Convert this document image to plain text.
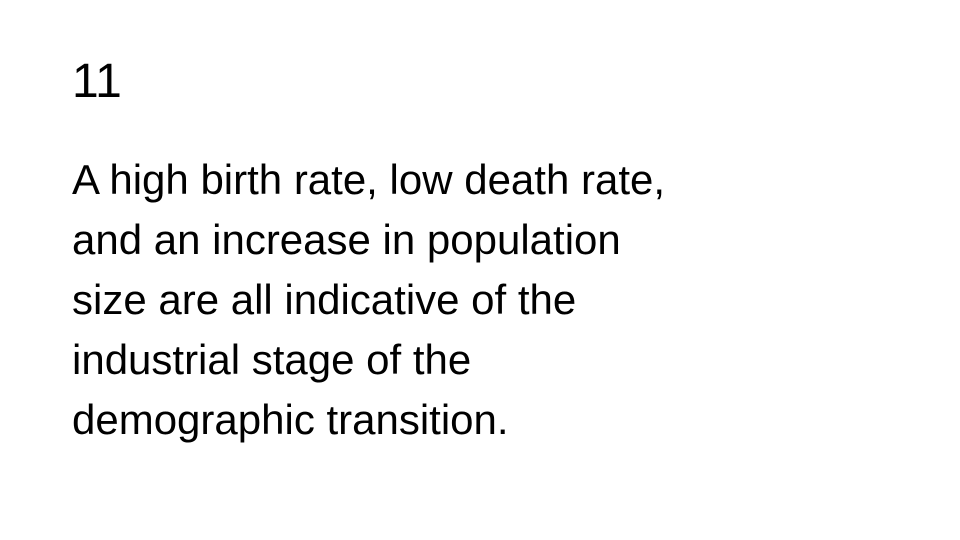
11
A high birth rate, low death rate,
and an increase in population
size are all indicative of the
industrial stage of the
demographic transition.
